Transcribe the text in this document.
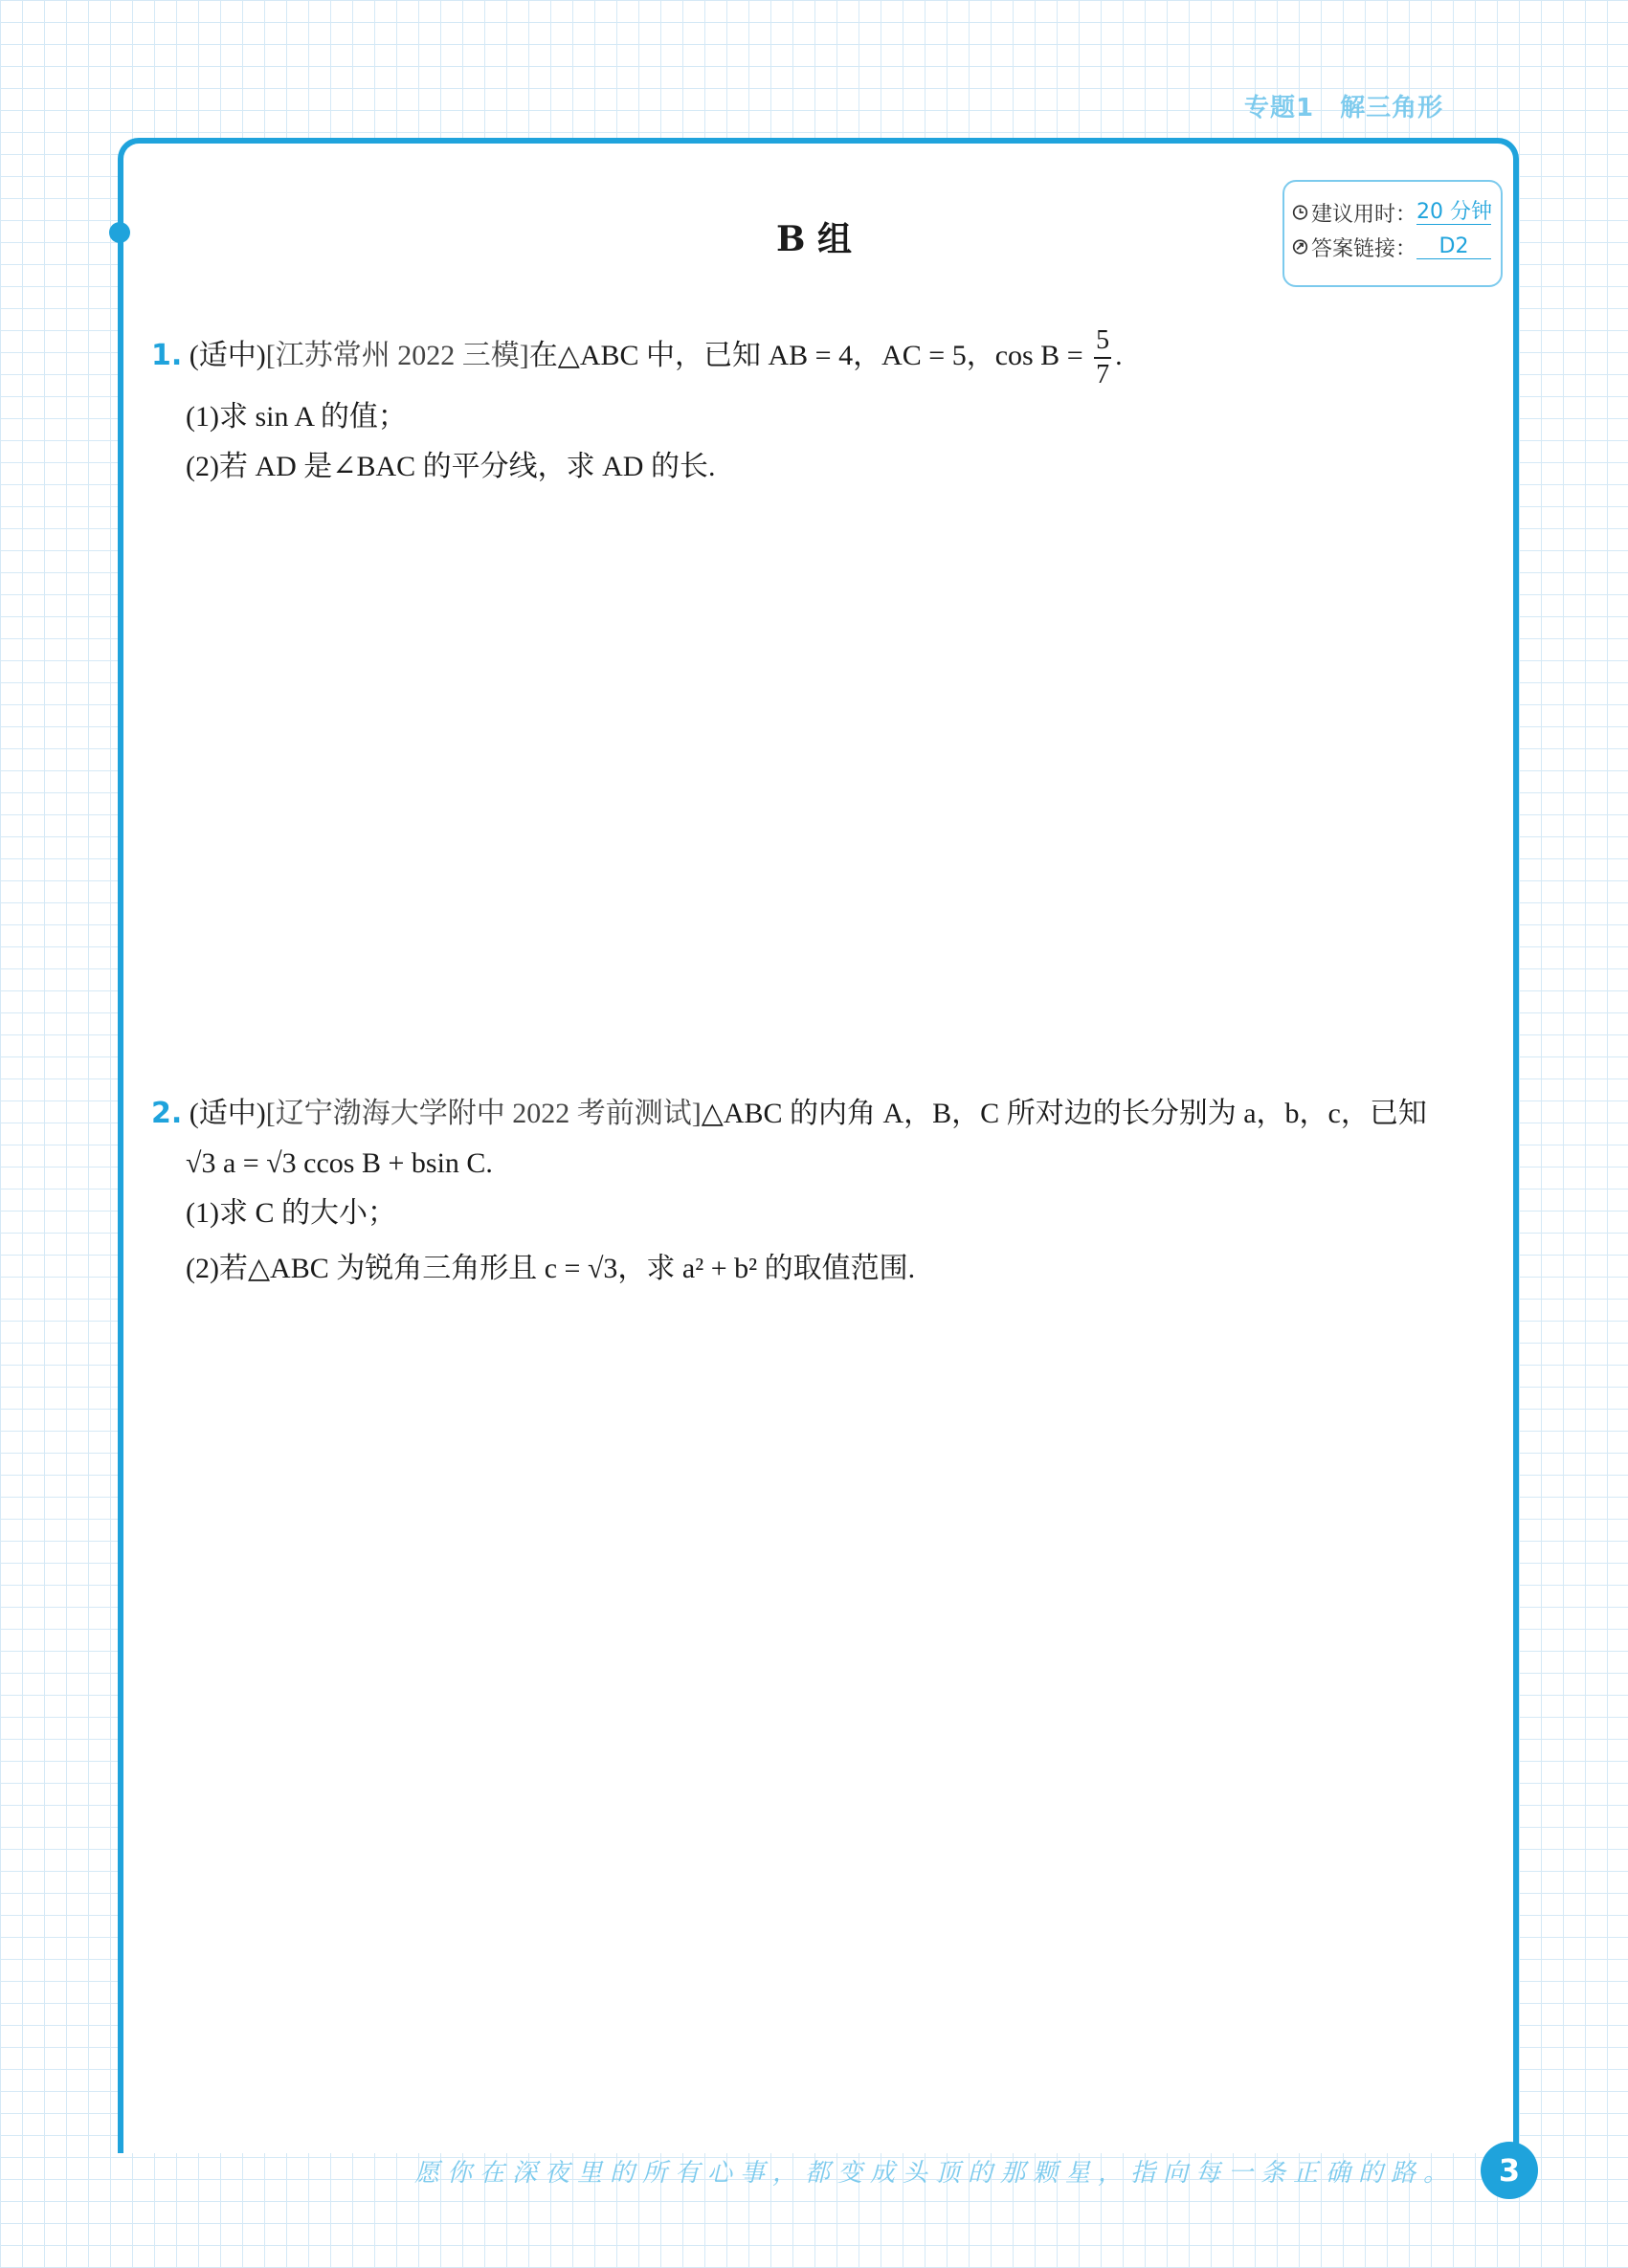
专题1　解三角形
建议用时： 20 分钟
答案链接：	D2
B 组
1. (适中)[江苏常州 2022 三模]在△ABC 中，已知 AB = 4，AC = 5，$\cos B = \frac{5}{7}$ .
(1)求 sin A 的值；
(2)若 AD 是∠BAC 的平分线，求 AD 的长.
2. (适中)[辽宁渤海大学附中 2022 考前测试]△ABC 的内角 A，B，C 所对边的长分别为 a，b，c，已知
√3 a = √3 ccos B + bsin C.
(1)求 C 的大小；
(2)若△ABC 为锐角三角形且 c = √3，求 a² + b² 的取值范围.
愿你在深夜里的所有心事，都变成头顶的那颗星，指向每一条正确的路。	3
